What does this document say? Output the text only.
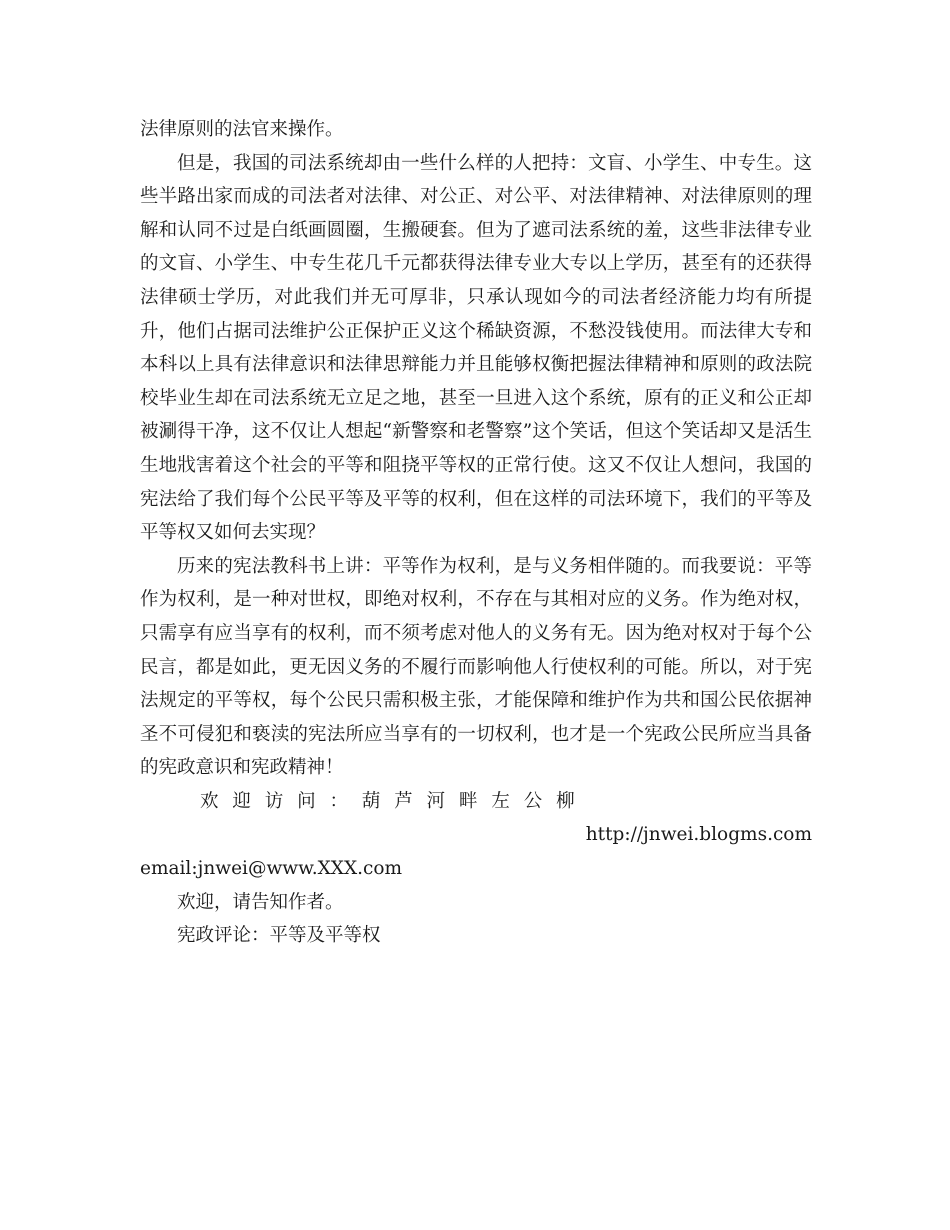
法律原则的法官来操作。

但是，我国的司法系统却由一些什么样的人把持：文盲、小学生、中专生。这些半路出家而成的司法者对法律、对公正、对公平、对法律精神、对法律原则的理解和认同不过是白纸画圆圈，生搬硬套。但为了遮司法系统的羞，这些非法律专业的文盲、小学生、中专生花几千元都获得法律专业大专以上学历，甚至有的还获得法律硕士学历，对此我们并无可厚非，只承认现如今的司法者经济能力均有所提升，他们占据司法维护公正保护正义这个稀缺资源，不愁没钱使用。而法律大专和本科以上具有法律意识和法律思辩能力并且能够权衡把握法律精神和原则的政法院校毕业生却在司法系统无立足之地，甚至一旦进入这个系统，原有的正义和公正却被涮得干净，这不仅让人想起“新警察和老警察”这个笑话，但这个笑话却又是活生生地戕害着这个社会的平等和阻挠平等权的正常行使。这又不仅让人想问，我国的宪法给了我们每个公民平等及平等的权利，但在这样的司法环境下，我们的平等及平等权又如何去实现？

历来的宪法教科书上讲：平等作为权利，是与义务相伴随的。而我要说：平等作为权利，是一种对世权，即绝对权利，不存在与其相对应的义务。作为绝对权，只需享有应当享有的权利，而不须考虑对他人的义务有无。因为绝对权对于每个公民言，都是如此，更无因义务的不履行而影响他人行使权利的可能。所以，对于宪法规定的平等权，每个公民只需积极主张，才能保障和维护作为共和国公民依据神圣不可侵犯和亵渎的宪法所应当享有的一切权利，也才是一个宪政公民所应当具备的宪政意识和宪政精神！

欢迎访问：葫芦河畔左公柳
http://jnwei.blogms.com

email:jnwei@www.XXX.com

欢迎，请告知作者。

宪政评论：平等及平等权
